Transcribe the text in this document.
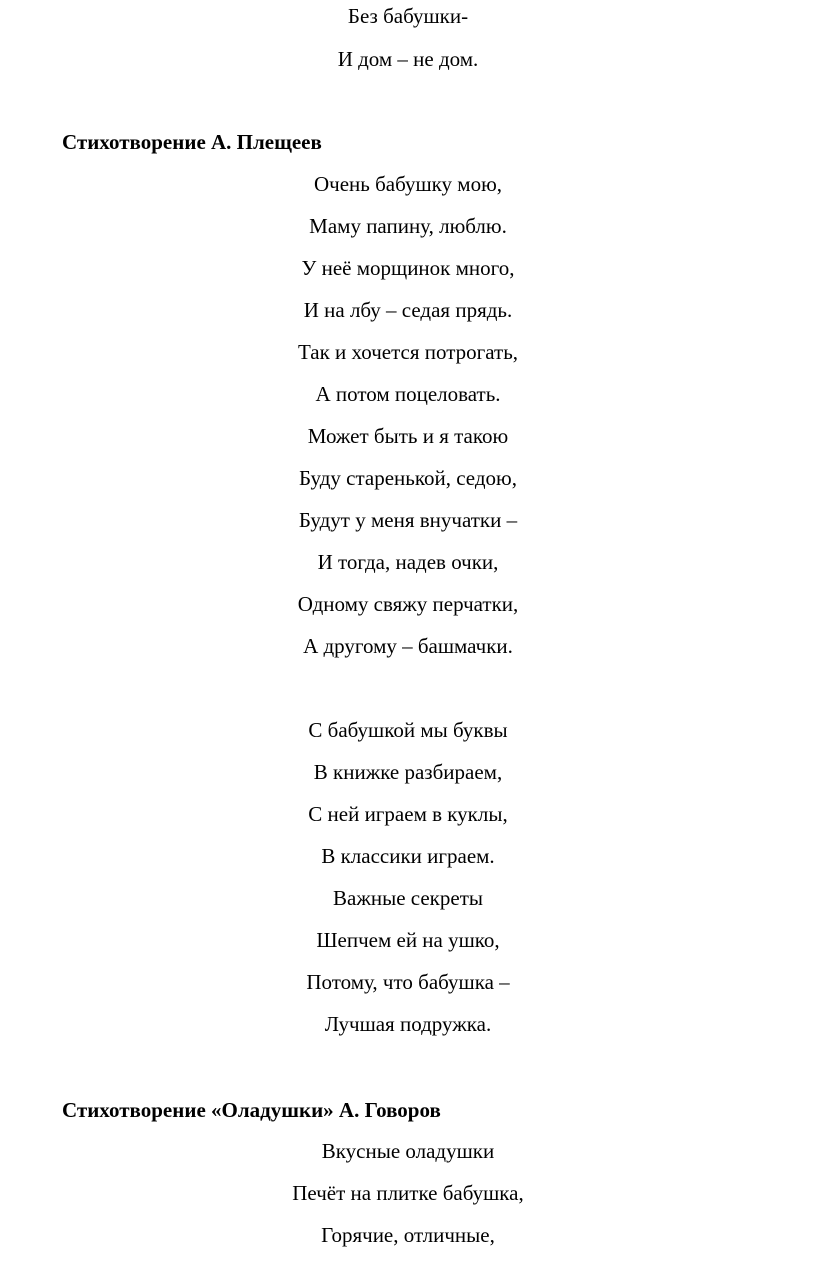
Без бабушки-
И дом – не дом.
Стихотворение А. Плещеев
Очень бабушку мою,
Маму папину, люблю.
У неё морщинок много,
И на лбу – седая прядь.
Так и хочется потрогать,
А потом поцеловать.
Может быть и я такою
Буду старенькой, седою,
Будут у меня внучатки –
И тогда, надев очки,
Одному свяжу перчатки,
А другому – башмачки.
С бабушкой мы буквы
В книжке разбираем,
С ней играем в куклы,
В классики играем.
Важные секреты
Шепчем ей на ушко,
Потому, что бабушка –
Лучшая подружка.
Стихотворение «Оладушки» А. Говоров
Вкусные оладушки
Печёт на плитке бабушка,
Горячие, отличные,
